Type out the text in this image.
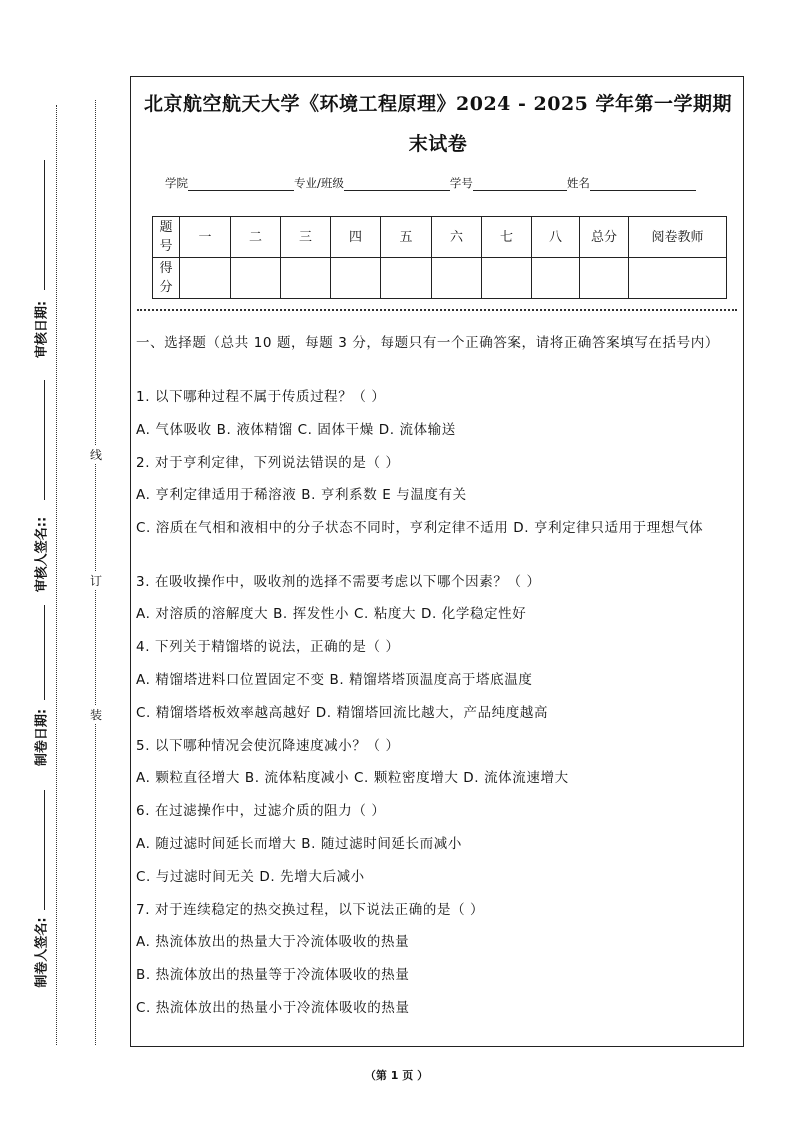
审核日期:
审核人签名::
制卷日期:
制卷人签名:
线
订
装
北京航空航天大学《环境工程原理》2024 - 2025 学年第一学期期
末试卷
学院	专业/班级	学号	姓名
题号	一	二	三	四	五	六	七	八	总分	阅卷教师
得分										
一、选择题（总共 10 题，每题 3 分，每题只有一个正确答案，请将正确答案填写在括号内）
1. 以下哪种过程不属于传质过程？（ ）
A. 气体吸收 B. 液体精馏 C. 固体干燥 D. 流体输送
2. 对于亨利定律，下列说法错误的是（ ）
A. 亨利定律适用于稀溶液 B. 亨利系数 E 与温度有关
C. 溶质在气相和液相中的分子状态不同时，亨利定律不适用 D. 亨利定律只适用于理想气体
3. 在吸收操作中，吸收剂的选择不需要考虑以下哪个因素？（ ）
A. 对溶质的溶解度大 B. 挥发性小 C. 粘度大 D. 化学稳定性好
4. 下列关于精馏塔的说法，正确的是（ ）
A. 精馏塔进料口位置固定不变 B. 精馏塔塔顶温度高于塔底温度
C. 精馏塔塔板效率越高越好 D. 精馏塔回流比越大，产品纯度越高
5. 以下哪种情况会使沉降速度减小？（ ）
A. 颗粒直径增大 B. 流体粘度减小 C. 颗粒密度增大 D. 流体流速增大
6. 在过滤操作中，过滤介质的阻力（ ）
A. 随过滤时间延长而增大 B. 随过滤时间延长而减小
C. 与过滤时间无关 D. 先增大后减小
7. 对于连续稳定的热交换过程，以下说法正确的是（ ）
A. 热流体放出的热量大于冷流体吸收的热量
B. 热流体放出的热量等于冷流体吸收的热量
C. 热流体放出的热量小于冷流体吸收的热量
（第 1 页 ）
